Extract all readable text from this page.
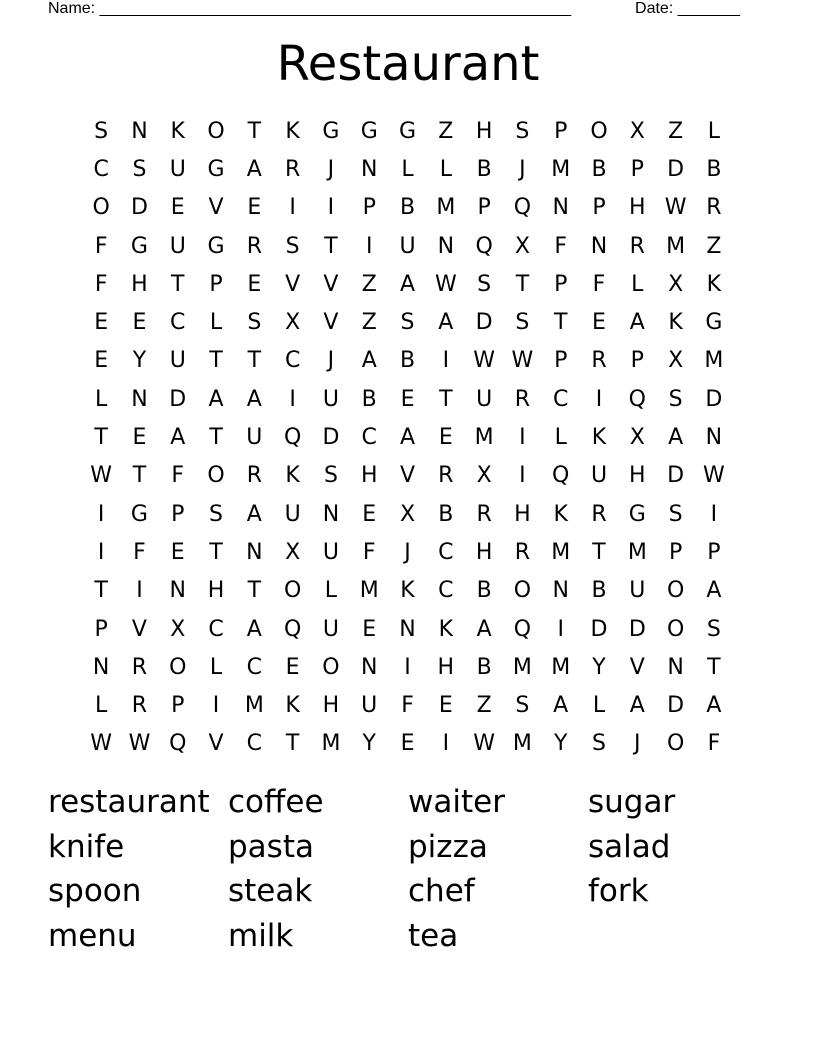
Name: _____________________________________________________	Date: _______
Restaurant
S	N	K	O	T	K	G G G	Z	H	S	P	O	X	Z	L
C	S	U G	A	R	J	N	L	L	B	J	M B	P	D	B
O D	E	V	E	I	I	P	B M	P	Q N	P	H W R
F	G U G	R	S	T	I	U	N Q	X	F	N	R M Z
F	H	T	P	E	V	V	Z	A W S	T	P	F	L	X	K
E	E	C	L	S	X	V	Z	S	A	D	S	T	E	A	K	G
E	Y	U	T	T	C	J	A	B	I	W W P	R	P	X M
L	N D	A	A	I	U	B	E	T	U	R	C	I	Q	S	D
T	E	A	T	U Q D	C	A	E M	I	L	K	X	A	N
W T	F	O R	K	S	H	V	R	X	I	Q U H D W
I	G	P	S	A	U	N	E	X	B	R	H	K	R	G	S	I
I	F	E	T	N	X	U	F	J	C	H	R M	T	M	P	P
T	I	N H	T	O	L	M K	C	B	O N	B	U O	A
P	V	X	C	A	Q U	E	N	K	A	Q	I	D D O	S
N	R O	L	C	E	O N	I	H	B M M	Y	V	N	T
L	R	P	I	M K	H U	F	E	Z	S	A	L	A	D	A
W W Q	V	C	T	M	Y	E	I	W M	Y	S	J	O	F
restaurant coffee	waiter	sugar
knife	pasta	pizza	salad
spoon	steak	chef	fork
menu	milk	tea
